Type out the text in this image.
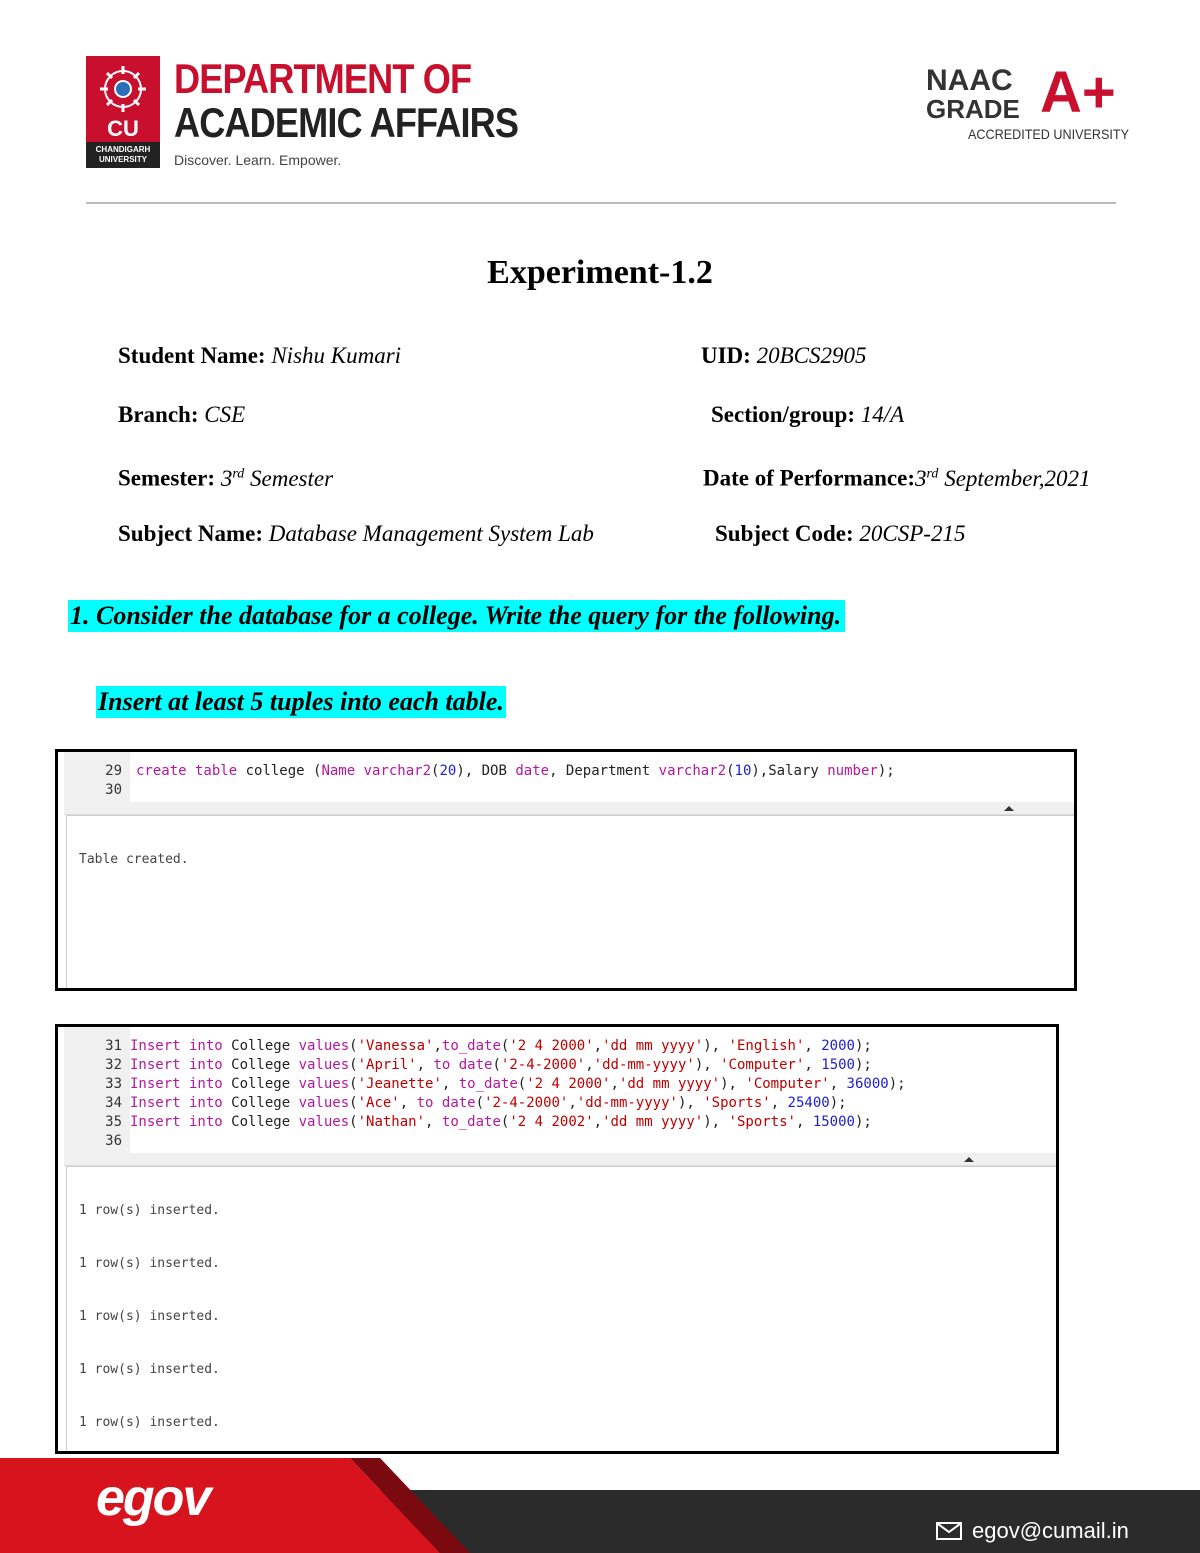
CU
CHANDIGARH
UNIVERSITY
DEPARTMENT OF
ACADEMIC AFFAIRS
Discover. Learn. Empower.
NAAC
GRADE A+
ACCREDITED UNIVERSITY
Experiment-1.2
Student Name: Nishu Kumari	UID: 20BCS2905
Branch: CSE	Section/group: 14/A
Semester: 3rd Semester	Date of Performance:3rd September,2021
Subject Name: Database Management System Lab	Subject Code: 20CSP-215
1. Consider the database for a college. Write the query for the following.
Insert at least 5 tuples into each table.
29
30
create table college (Name varchar2(20), DOB date, Department varchar2(10),Salary number);
Table created.
31
32
33
34
35
36
Insert into College values('Vanessa',to_date('2 4 2000','dd mm yyyy'), 'English', 2000);
Insert into College values('April', to date('2-4-2000','dd-mm-yyyy'), 'Computer', 1500);
Insert into College values('Jeanette', to_date('2 4 2000','dd mm yyyy'), 'Computer', 36000);
Insert into College values('Ace', to date('2-4-2000','dd-mm-yyyy'), 'Sports', 25400);
Insert into College values('Nathan', to_date('2 4 2002','dd mm yyyy'), 'Sports', 15000);
1 row(s) inserted.
1 row(s) inserted.
1 row(s) inserted.
1 row(s) inserted.
1 row(s) inserted.
egov
egov@cumail.in
